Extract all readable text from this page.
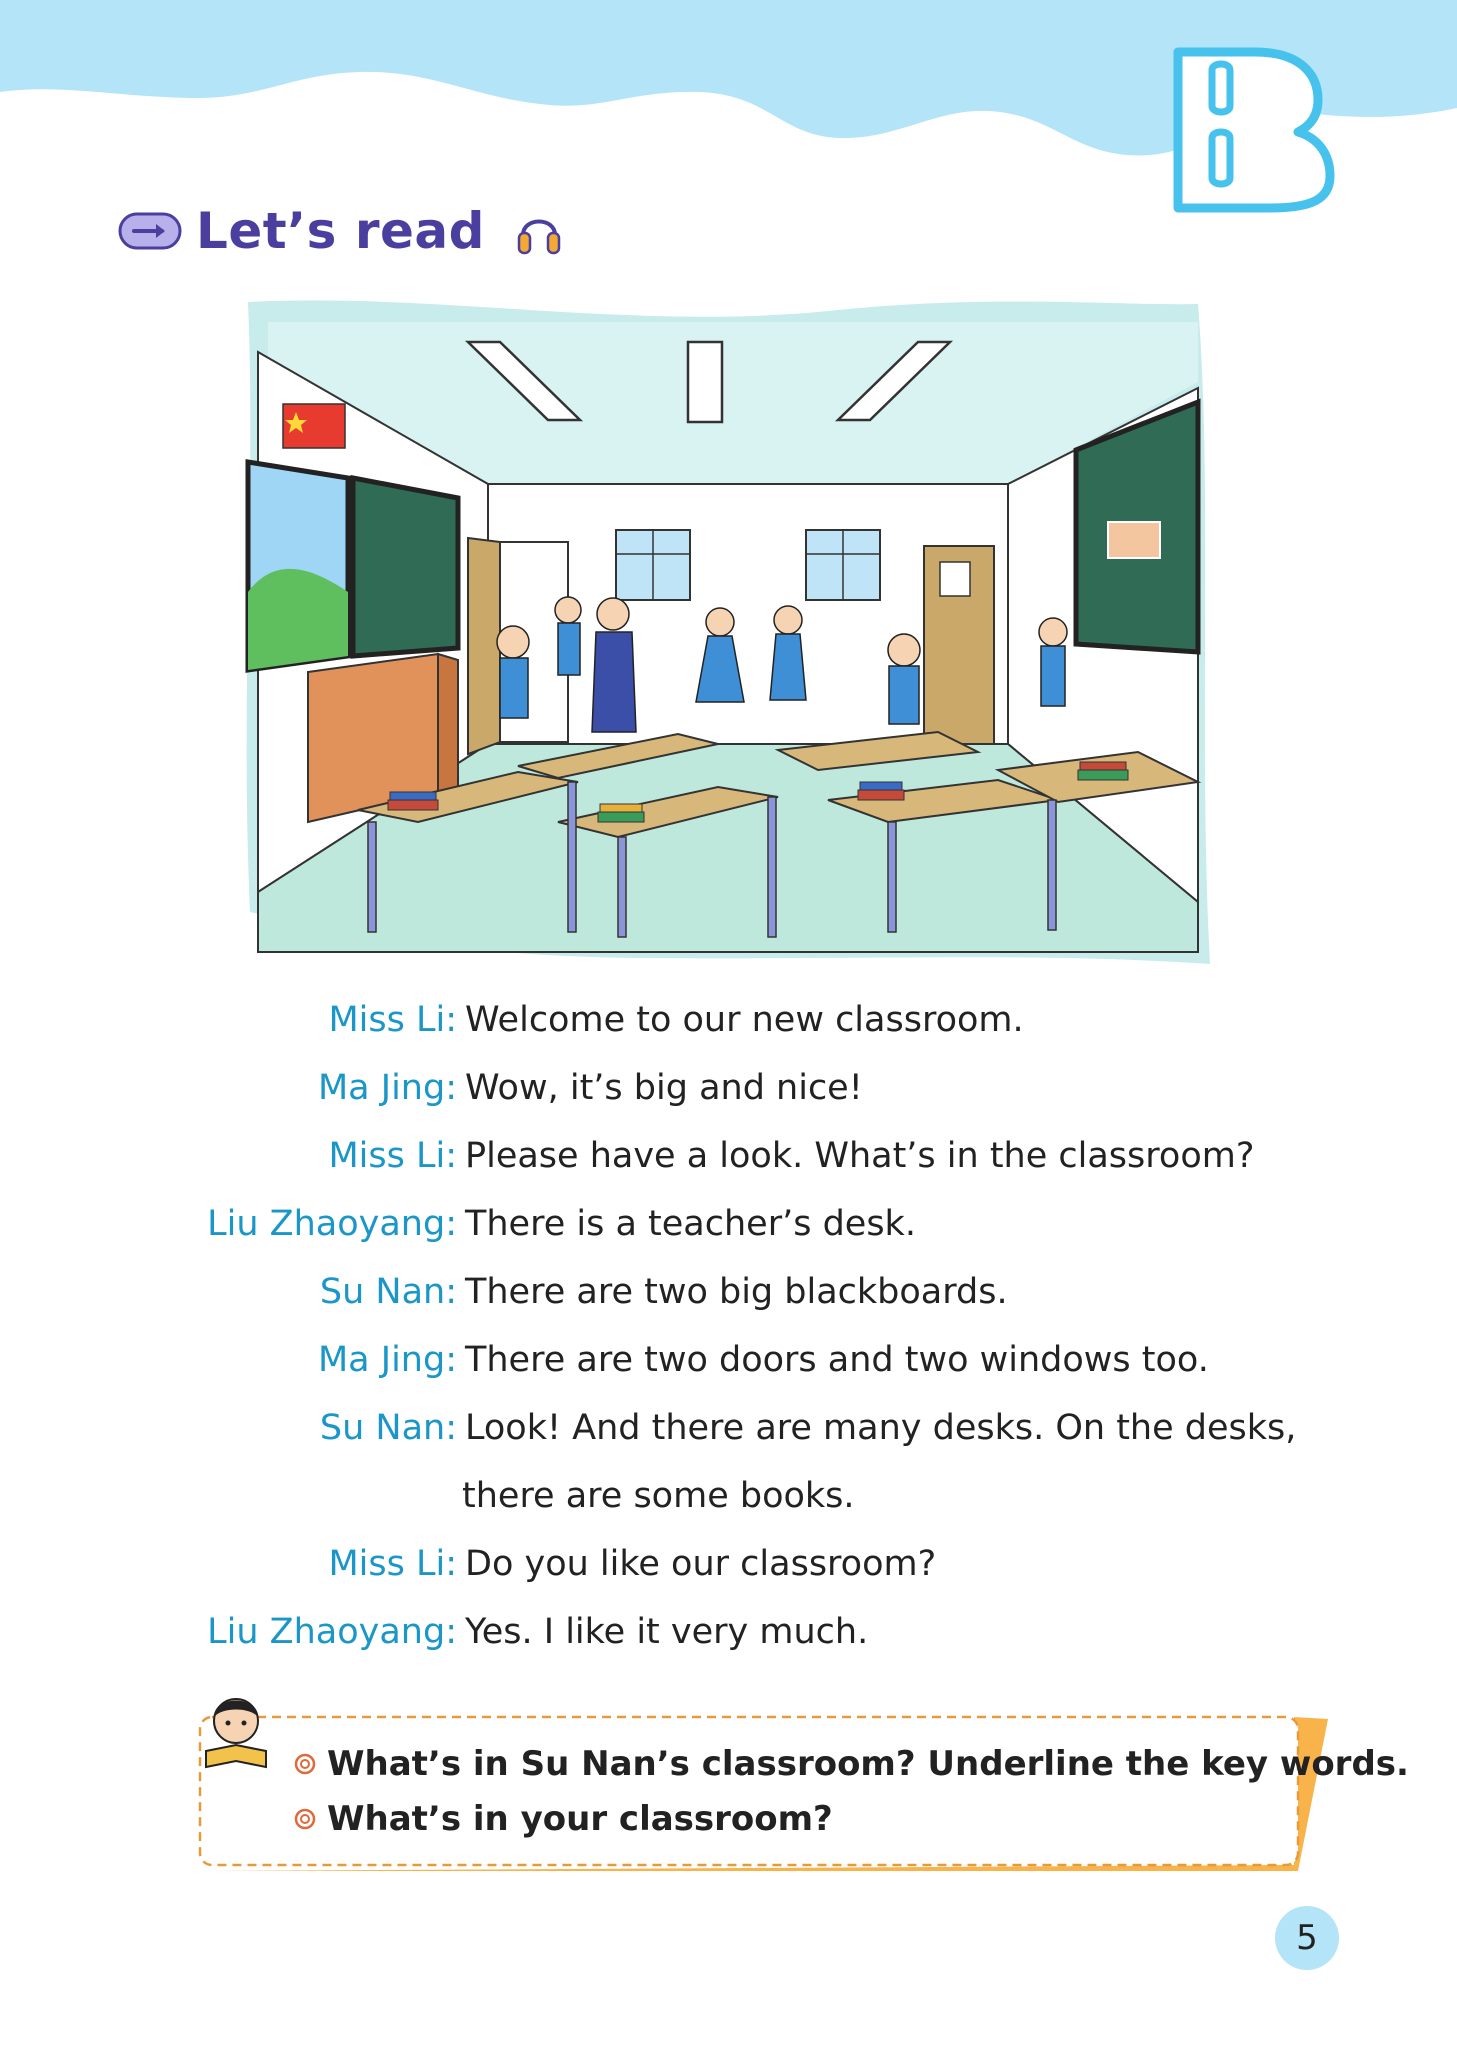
B
Let’s read
Miss Li: Welcome to our new classroom.
Ma Jing: Wow, it’s big and nice!
Miss Li: Please have a look. What’s in the classroom?
Liu Zhaoyang: There is a teacher’s desk.
Su Nan: There are two big blackboards.
Ma Jing: There are two doors and two windows too.
Su Nan: Look! And there are many desks. On the desks,
there are some books.
Miss Li: Do you like our classroom?
Liu Zhaoyang: Yes. I like it very much.
What’s in Su Nan’s classroom? Underline the key words.
What’s in your classroom?
5
